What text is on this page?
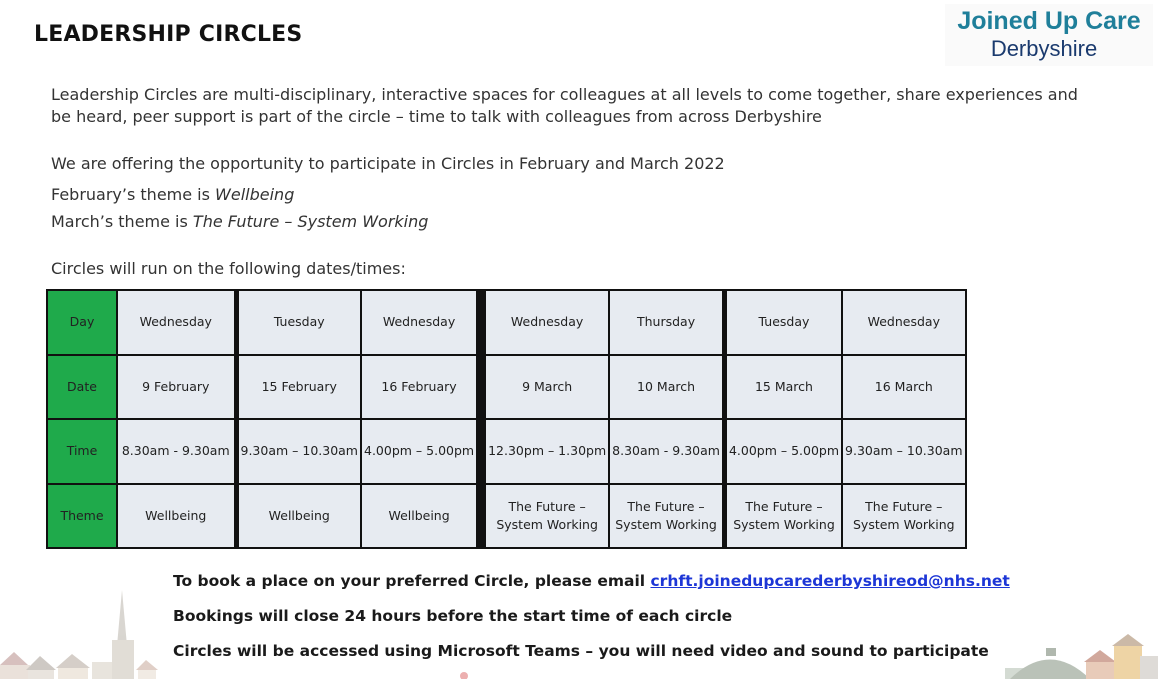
LEADERSHIP CIRCLES	Joined Up Care
Derbyshire
Leadership Circles are multi-disciplinary, interactive spaces for colleagues at all levels to come together, share experiences and be heard, peer support is part of the circle – time to talk with colleagues from across Derbyshire
We are offering the opportunity to participate in Circles in February and March 2022
February’s theme is Wellbeing
March’s theme is The Future – System Working
Circles will run on the following dates/times:
Day	Wednesday	Tuesday	Wednesday	Wednesday	Thursday	Tuesday	Wednesday
Date	9 February	15 February	16 February	9 March	10 March	15 March	16 March
Time	8.30am - 9.30am	9.30am – 10.30am	4.00pm – 5.00pm	12.30pm – 1.30pm	8.30am - 9.30am	4.00pm – 5.00pm	9.30am – 10.30am
Theme	Wellbeing	Wellbeing	Wellbeing	The Future –
System Working	The Future –
System Working	The Future –
System Working	The Future –
System Working
To book a place on your preferred Circle, please email crhft.joinedupcarederbyshireod@nhs.net
Bookings will close 24 hours before the start time of each circle
Circles will be accessed using Microsoft Teams – you will need video and sound to participate
